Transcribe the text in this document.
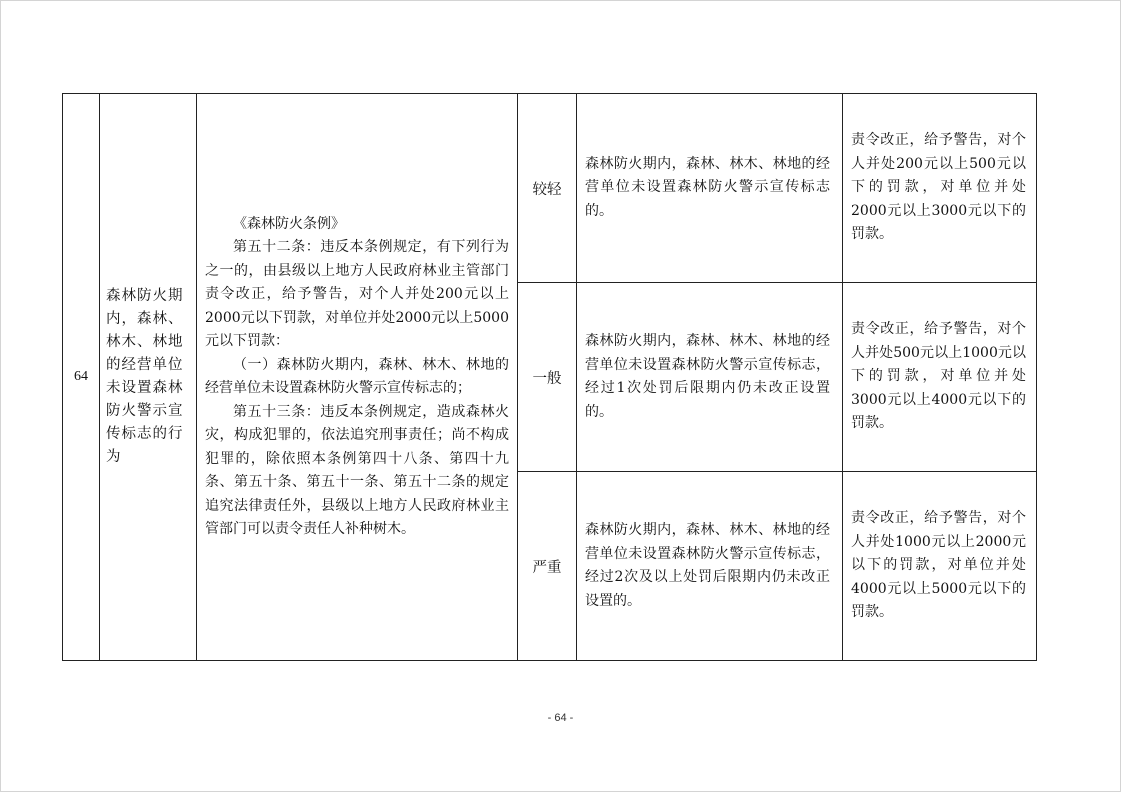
64	森林防火期内，森林、林木、林地的经营单位未设置森林防火警示宣传标志的行为	《森林防火条例》

第五十二条：违反本条例规定，有下列行为之一的，由县级以上地方人民政府林业主管部门责令改正，给予警告，对个人并处200元以上2000元以下罚款，对单位并处2000元以上5000元以下罚款：

（一）森林防火期内，森林、林木、林地的经营单位未设置森林防火警示宣传标志的；

第五十三条：违反本条例规定，造成森林火灾，构成犯罪的，依法追究刑事责任；尚不构成犯罪的，除依照本条例第四十八条、第四十九条、第五十条、第五十一条、第五十二条的规定追究法律责任外，县级以上地方人民政府林业主管部门可以责令责任人补种树木。	较轻	森林防火期内，森林、林木、林地的经营单位未设置森林防火警示宣传标志的。	责令改正，给予警告，对个人并处200元以上500元以下的罚款，对单位并处2000元以上3000元以下的罚款。
			一般	森林防火期内，森林、林木、林地的经营单位未设置森林防火警示宣传标志，经过1次处罚后限期内仍未改正设置的。	责令改正，给予警告，对个人并处500元以上1000元以下的罚款，对单位并处3000元以上4000元以下的罚款。
			严重	森林防火期内，森林、林木、林地的经营单位未设置森林防火警示宣传标志，经过2次及以上处罚后限期内仍未改正设置的。	责令改正，给予警告，对个人并处1000元以上2000元以下的罚款，对单位并处4000元以上5000元以下的罚款。
- 64 -
